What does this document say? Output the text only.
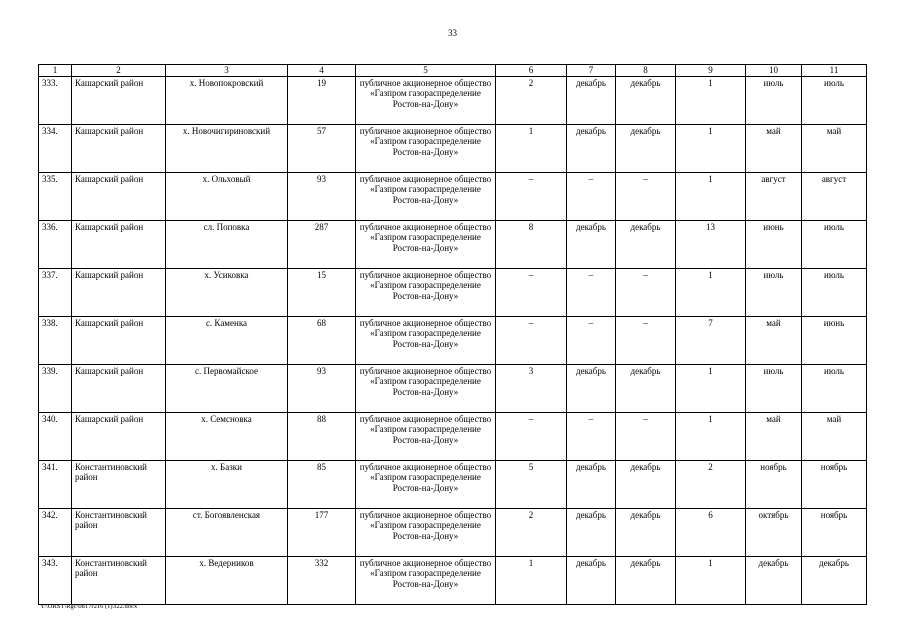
33
1	2	3	4	5	6	7	8	9	10	11
333.	Кашарский район	х. Новопокровский	19	публичное акционерное общество «Газпром газораспределение Ростов-на-Дону»	2	декабрь	декабрь	1	июль	июль
334.	Кашарский район	х. Новочигиринoвский	57	публичное акционерное общество «Газпром газораспределение Ростов-на-Дону»	1	декабрь	декабрь	1	май	май
335.	Кашарский район	х. Ольховый	93	публичное акционерное общество «Газпром газораспределение Ростов-на-Дону»	–	–	–	1	август	август
336.	Кашарский район	сл. Поповка	287	публичное акционерное общество «Газпром газораспределение Ростов-на-Дону»	8	декабрь	декабрь	13	июнь	июль
337.	Кашарский район	х. Усиковка	15	публичное акционерное общество «Газпром газораспределение Ростов-на-Дону»	–	–	–	1	июль	июль
338.	Кашарский район	с. Каменка	68	публичное акционерное общество «Газпром газораспределение Ростов-на-Дону»	–	–	–	7	май	июнь
339.	Кашарский район	с. Первомайское	93	публичное акционерное общество «Газпром газораспределение Ростов-на-Дону»	3	декабрь	декабрь	1	июль	июль
340.	Кашарский район	х. Семсновка	88	публичное акционерное общество «Газпром газораспределение Ростов-на-Дону»	–	–	–	1	май	май
341.	Константиновский район	х. Базки	85	публичное акционерное общество «Газпром газораспределение Ростов-на-Дону»	5	декабрь	декабрь	2	ноябрь	ноябрь
342.	Константиновский район	ст. Богоявленская	177	публичное акционерное общество «Газпром газораспределение Ростов-на-Дону»	2	декабрь	декабрь	6	октябрь	ноябрь
343.	Константиновский район	х. Ведерников	332	публичное акционерное общество «Газпром газораспределение Ростов-на-Дону»	1	декабрь	декабрь	1	декабрь	декабрь
Y:\ORST\Rgc\0817r216 (1).f22.docx
